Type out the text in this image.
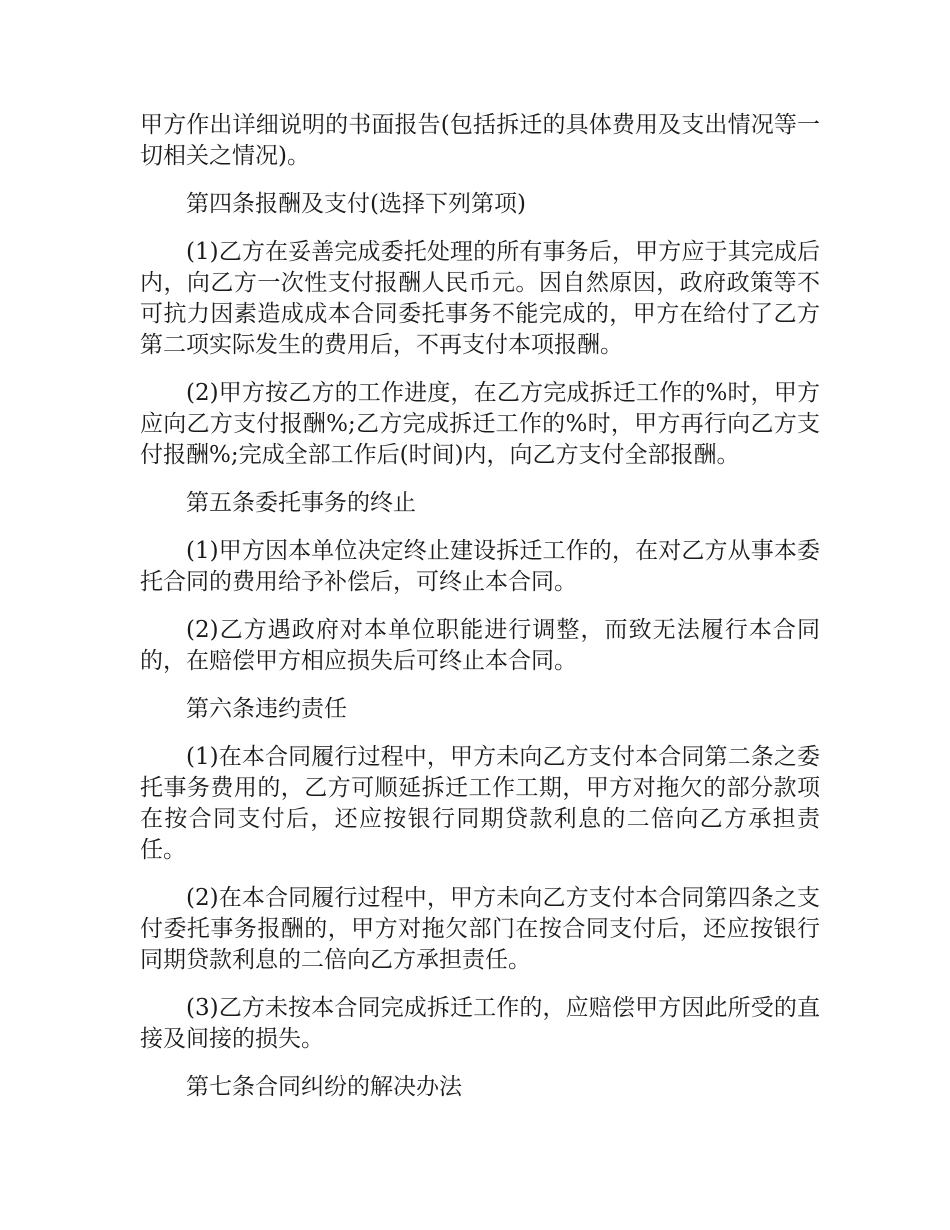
甲方作出详细说明的书面报告(包括拆迁的具体费用及支出情况等一切相关之情况)。

第四条报酬及支付(选择下列第项)

(1)乙方在妥善完成委托处理的所有事务后，甲方应于其完成后内，向乙方一次性支付报酬人民币元。因自然原因，政府政策等不可抗力因素造成成本合同委托事务不能完成的，甲方在给付了乙方第二项实际发生的费用后，不再支付本项报酬。

(2)甲方按乙方的工作进度，在乙方完成拆迁工作的%时，甲方应向乙方支付报酬%;乙方完成拆迁工作的%时，甲方再行向乙方支付报酬%;完成全部工作后(时间)内，向乙方支付全部报酬。

第五条委托事务的终止

(1)甲方因本单位决定终止建设拆迁工作的，在对乙方从事本委托合同的费用给予补偿后，可终止本合同。

(2)乙方遇政府对本单位职能进行调整，而致无法履行本合同的，在赔偿甲方相应损失后可终止本合同。

第六条违约责任

(1)在本合同履行过程中，甲方未向乙方支付本合同第二条之委托事务费用的，乙方可顺延拆迁工作工期，甲方对拖欠的部分款项在按合同支付后，还应按银行同期贷款利息的二倍向乙方承担责任。

(2)在本合同履行过程中，甲方未向乙方支付本合同第四条之支付委托事务报酬的，甲方对拖欠部门在按合同支付后，还应按银行同期贷款利息的二倍向乙方承担责任。

(3)乙方未按本合同完成拆迁工作的，应赔偿甲方因此所受的直接及间接的损失。

第七条合同纠纷的解决办法
